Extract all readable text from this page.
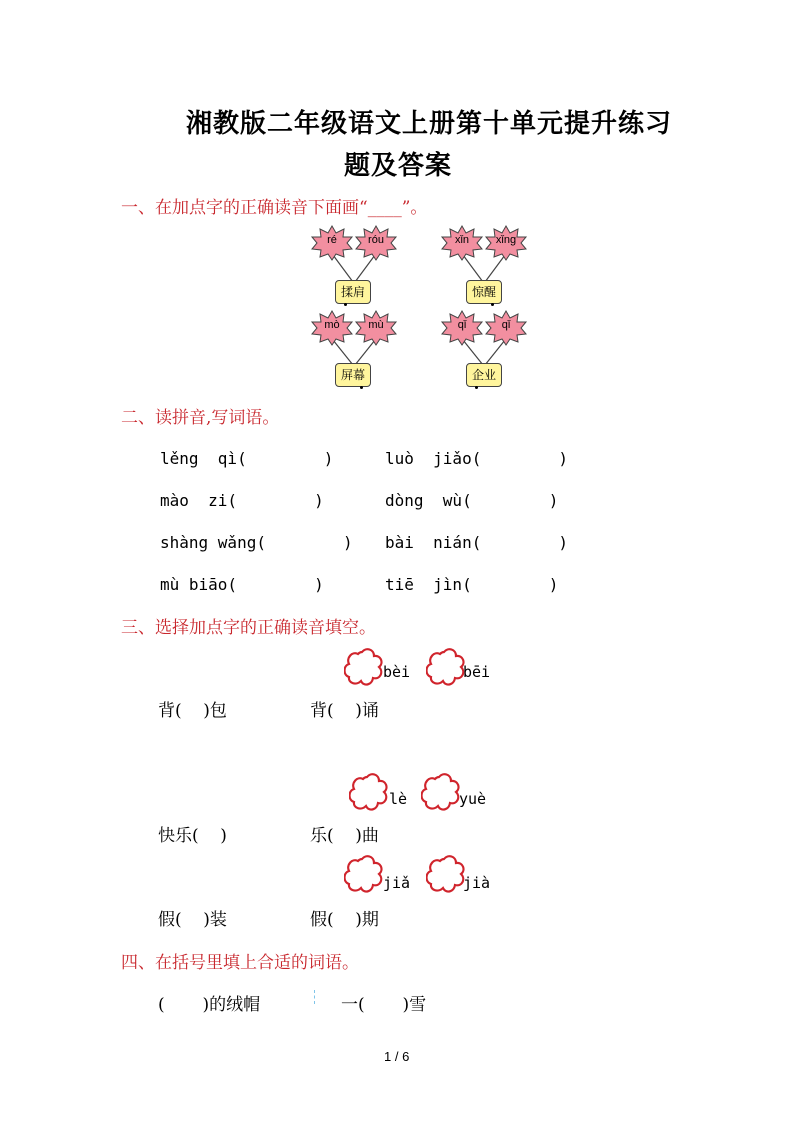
湘教版二年级语文上册第十单元提升练习
题及答案
一、在加点字的正确读音下面画“____”。
ré	róu	xǐn	xǐng
mò	mù	qǐ	qǐ
揉肩	惊醒
屏幕	企业
二、读拼音,写词语。
lěng  qì(        )	luò  jiǎo(        )
mào  zi(        )	dòng  wù(        )
shàng wǎng(        ) bài  nián(        )
mù biāo(        )	tiē  jìn(        )
三、选择加点字的正确读音填空。
bèi	bēi
背(    )包	背(    )诵
lè	yuè
快乐(    )	乐(    )曲
jiǎ	jià
假(    )装	假(    )期
四、在括号里填上合适的词语。
(       )的绒帽	一(       )雪
1 / 6
